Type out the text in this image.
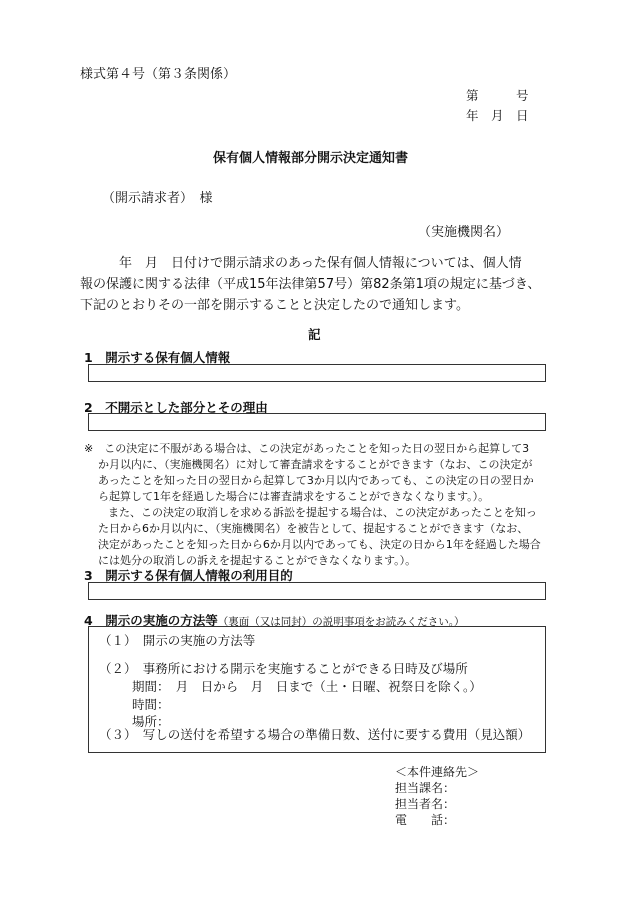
様式第４号（第３条関係）
第　　　号
年　月　日
保有個人情報部分開示決定通知書
（開示請求者）　様
（実施機関名）
　　　年　月　日付けで開示請求のあった保有個人情報については、個人情
報の保護に関する法律（平成15年法律第57号）第82条第1項の規定に基づき、
下記のとおりその一部を開示することと決定したので通知します。
記
1　開示する保有個人情報
2　不開示とした部分とその理由

※　この決定に不服がある場合は、この決定があったことを知った日の翌日から起算して3

か月以内に、（実施機関名）に対して審査請求をすることができます（なお、この決定が

あったことを知った日の翌日から起算して3か月以内であっても、この決定の日の翌日か

ら起算して1年を経過した場合には審査請求をすることができなくなります。）。

また、この決定の取消しを求める訴訟を提起する場合は、この決定があったことを知っ

た日から6か月以内に、（実施機関名）を被告として、提起することができます（なお、

決定があったことを知った日から6か月以内であっても、決定の日から1年を経過した場合

には処分の取消しの訴えを提起することができなくなります。）。

3　開示する保有個人情報の利用目的
4　開示の実施の方法等（裏面（又は同封）の説明事項をお読みください。）
（１）　開示の実施の方法等
（２）　事務所における開示を実施することができる日時及び場所
期間：　月　日から　月　日まで（土・日曜、祝祭日を除く。）
時間：
場所：
（３）　写しの送付を希望する場合の準備日数、送付に要する費用（見込額）
＜本件連絡先＞
担当課名：
担当者名：
電　　話：
